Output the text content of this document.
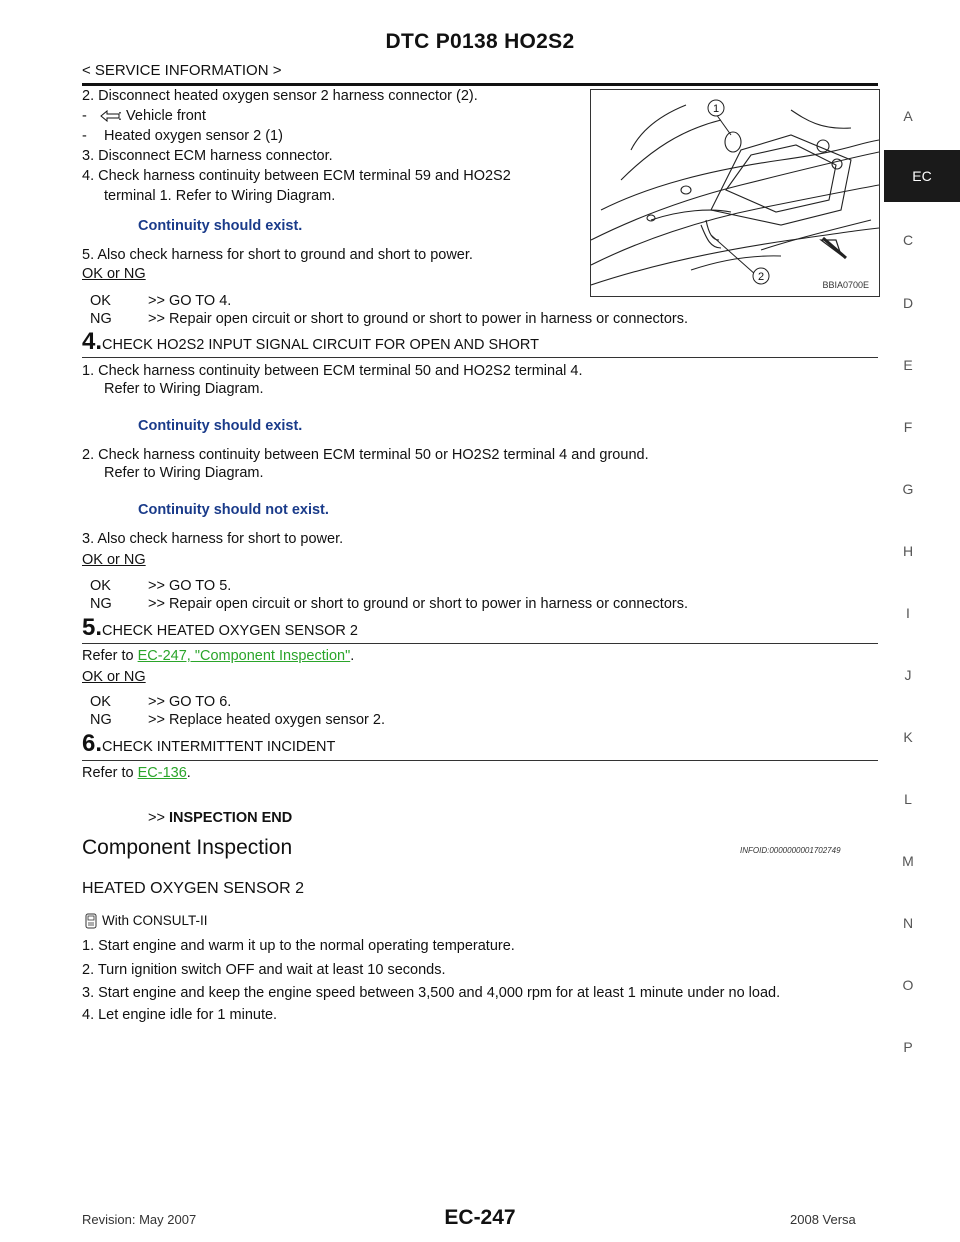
DTC P0138 HO2S2
< SERVICE INFORMATION >
A
EC
C
D
E
F
G
H
I
J
K
L
M
N
O
P
1
2
BBIA0700E
2. Disconnect heated oxygen sensor 2 harness connector (2).
- : Vehicle front
- Heated oxygen sensor 2 (1)
3. Disconnect ECM harness connector.
4. Check harness continuity between ECM terminal 59 and HO2S2
terminal 1. Refer to Wiring Diagram.
Continuity should exist.
5. Also check harness for short to ground and short to power.
OK or NG
OK	>> GO TO 4.
NG	>> Repair open circuit or short to ground or short to power in harness or connectors.
4.CHECK HO2S2 INPUT SIGNAL CIRCUIT FOR OPEN AND SHORT
1. Check harness continuity between ECM terminal 50 and HO2S2 terminal 4.
Refer to Wiring Diagram.
Continuity should exist.
2. Check harness continuity between ECM terminal 50 or HO2S2 terminal 4 and ground.
Refer to Wiring Diagram.
Continuity should not exist.
3. Also check harness for short to power.
OK or NG
OK	>> GO TO 5.
NG	>> Repair open circuit or short to ground or short to power in harness or connectors.
5.CHECK HEATED OXYGEN SENSOR 2
Refer to EC-247, "Component Inspection".
OK or NG
OK	>> GO TO 6.
NG	>> Replace heated oxygen sensor 2.
6.CHECK INTERMITTENT INCIDENT
Refer to EC-136.
>> INSPECTION END
Component Inspection	INFOID:0000000001702749
HEATED OXYGEN SENSOR 2
With CONSULT-II
1. Start engine and warm it up to the normal operating temperature.
2. Turn ignition switch OFF and wait at least 10 seconds.
3. Start engine and keep the engine speed between 3,500 and 4,000 rpm for at least 1 minute under no load.
4. Let engine idle for 1 minute.
Revision: May 2007	EC-247	2008 Versa
